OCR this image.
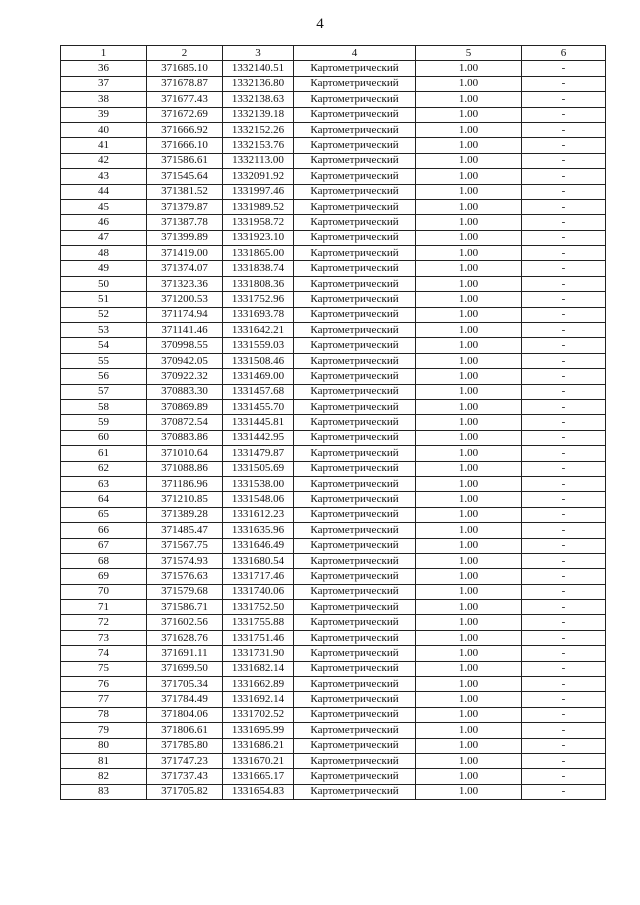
4
1	2	3	4	5	6
36	371685.10	1332140.51	Картометрический	1.00	-
37	371678.87	1332136.80	Картометрический	1.00	-
38	371677.43	1332138.63	Картометрический	1.00	-
39	371672.69	1332139.18	Картометрический	1.00	-
40	371666.92	1332152.26	Картометрический	1.00	-
41	371666.10	1332153.76	Картометрический	1.00	-
42	371586.61	1332113.00	Картометрический	1.00	-
43	371545.64	1332091.92	Картометрический	1.00	-
44	371381.52	1331997.46	Картометрический	1.00	-
45	371379.87	1331989.52	Картометрический	1.00	-
46	371387.78	1331958.72	Картометрический	1.00	-
47	371399.89	1331923.10	Картометрический	1.00	-
48	371419.00	1331865.00	Картометрический	1.00	-
49	371374.07	1331838.74	Картометрический	1.00	-
50	371323.36	1331808.36	Картометрический	1.00	-
51	371200.53	1331752.96	Картометрический	1.00	-
52	371174.94	1331693.78	Картометрический	1.00	-
53	371141.46	1331642.21	Картометрический	1.00	-
54	370998.55	1331559.03	Картометрический	1.00	-
55	370942.05	1331508.46	Картометрический	1.00	-
56	370922.32	1331469.00	Картометрический	1.00	-
57	370883.30	1331457.68	Картометрический	1.00	-
58	370869.89	1331455.70	Картометрический	1.00	-
59	370872.54	1331445.81	Картометрический	1.00	-
60	370883.86	1331442.95	Картометрический	1.00	-
61	371010.64	1331479.87	Картометрический	1.00	-
62	371088.86	1331505.69	Картометрический	1.00	-
63	371186.96	1331538.00	Картометрический	1.00	-
64	371210.85	1331548.06	Картометрический	1.00	-
65	371389.28	1331612.23	Картометрический	1.00	-
66	371485.47	1331635.96	Картометрический	1.00	-
67	371567.75	1331646.49	Картометрический	1.00	-
68	371574.93	1331680.54	Картометрический	1.00	-
69	371576.63	1331717.46	Картометрический	1.00	-
70	371579.68	1331740.06	Картометрический	1.00	-
71	371586.71	1331752.50	Картометрический	1.00	-
72	371602.56	1331755.88	Картометрический	1.00	-
73	371628.76	1331751.46	Картометрический	1.00	-
74	371691.11	1331731.90	Картометрический	1.00	-
75	371699.50	1331682.14	Картометрический	1.00	-
76	371705.34	1331662.89	Картометрический	1.00	-
77	371784.49	1331692.14	Картометрический	1.00	-
78	371804.06	1331702.52	Картометрический	1.00	-
79	371806.61	1331695.99	Картометрический	1.00	-
80	371785.80	1331686.21	Картометрический	1.00	-
81	371747.23	1331670.21	Картометрический	1.00	-
82	371737.43	1331665.17	Картометрический	1.00	-
83	371705.82	1331654.83	Картометрический	1.00	-
